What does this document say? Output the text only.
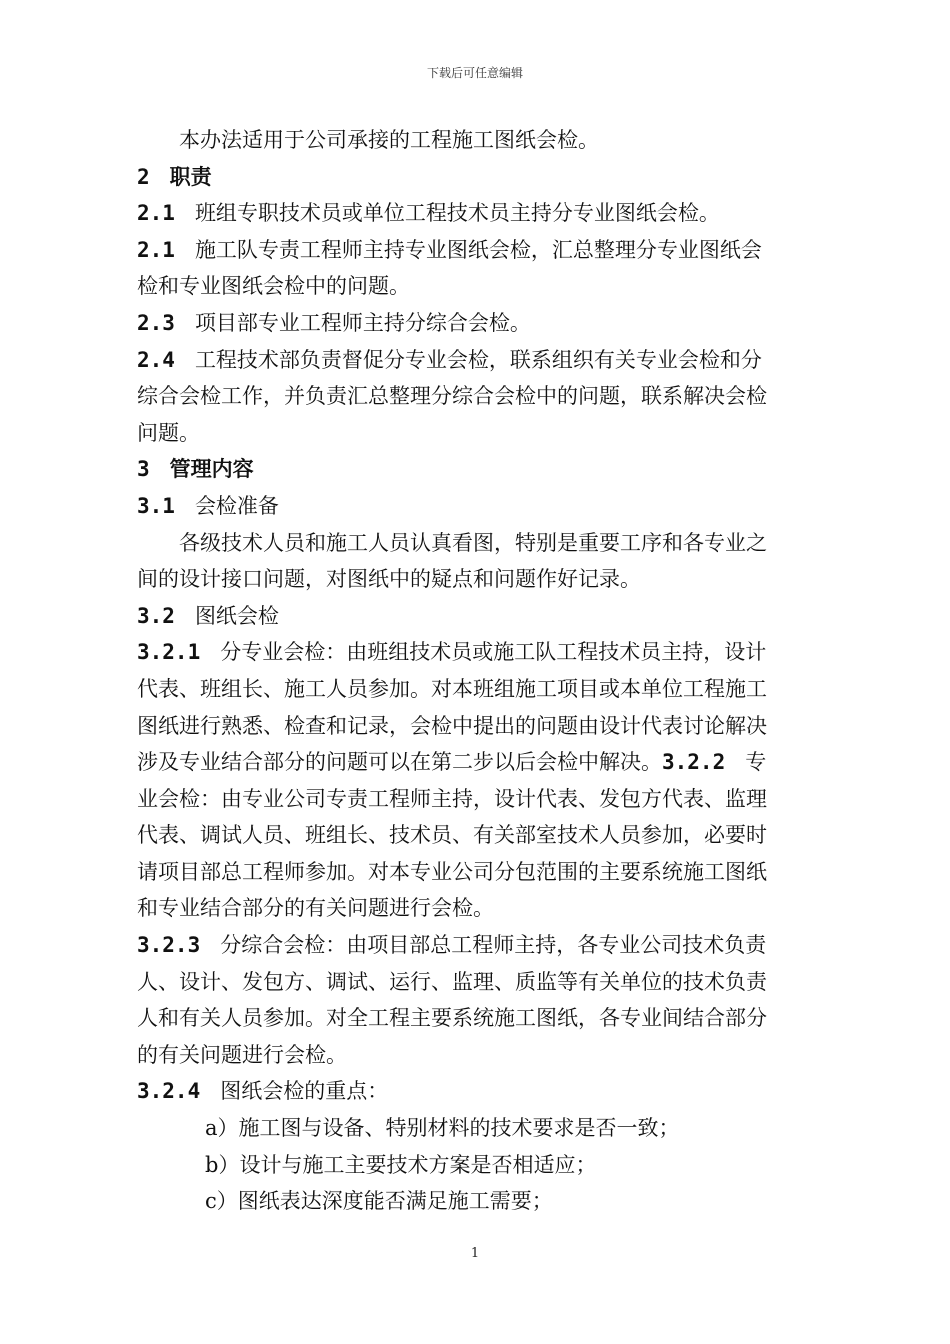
下载后可任意编辑
本办法适用于公司承接的工程施工图纸会检。
2 职责
2.1 班组专职技术员或单位工程技术员主持分专业图纸会检。
2.1 施工队专责工程师主持专业图纸会检，汇总整理分专业图纸会
检和专业图纸会检中的问题。
2.3 项目部专业工程师主持分综合会检。
2.4 工程技术部负责督促分专业会检，联系组织有关专业会检和分
综合会检工作，并负责汇总整理分综合会检中的问题，联系解决会检
问题。
3 管理内容
3.1 会检准备
各级技术人员和施工人员认真看图，特别是重要工序和各专业之
间的设计接口问题，对图纸中的疑点和问题作好记录。
3.2 图纸会检
3.2.1 分专业会检：由班组技术员或施工队工程技术员主持，设计
代表、班组长、施工人员参加。对本班组施工项目或本单位工程施工
图纸进行熟悉、检查和记录，会检中提出的问题由设计代表讨论解决
涉及专业结合部分的问题可以在第二步以后会检中解决。3.2.2 专
业会检：由专业公司专责工程师主持，设计代表、发包方代表、监理
代表、调试人员、班组长、技术员、有关部室技术人员参加，必要时
请项目部总工程师参加。对本专业公司分包范围的主要系统施工图纸
和专业结合部分的有关问题进行会检。
3.2.3 分综合会检：由项目部总工程师主持，各专业公司技术负责
人、设计、发包方、调试、运行、监理、质监等有关单位的技术负责
人和有关人员参加。对全工程主要系统施工图纸，各专业间结合部分
的有关问题进行会检。
3.2.4 图纸会检的重点：
a）施工图与设备、特别材料的技术要求是否一致；
b）设计与施工主要技术方案是否相适应；
c）图纸表达深度能否满足施工需要；
1
